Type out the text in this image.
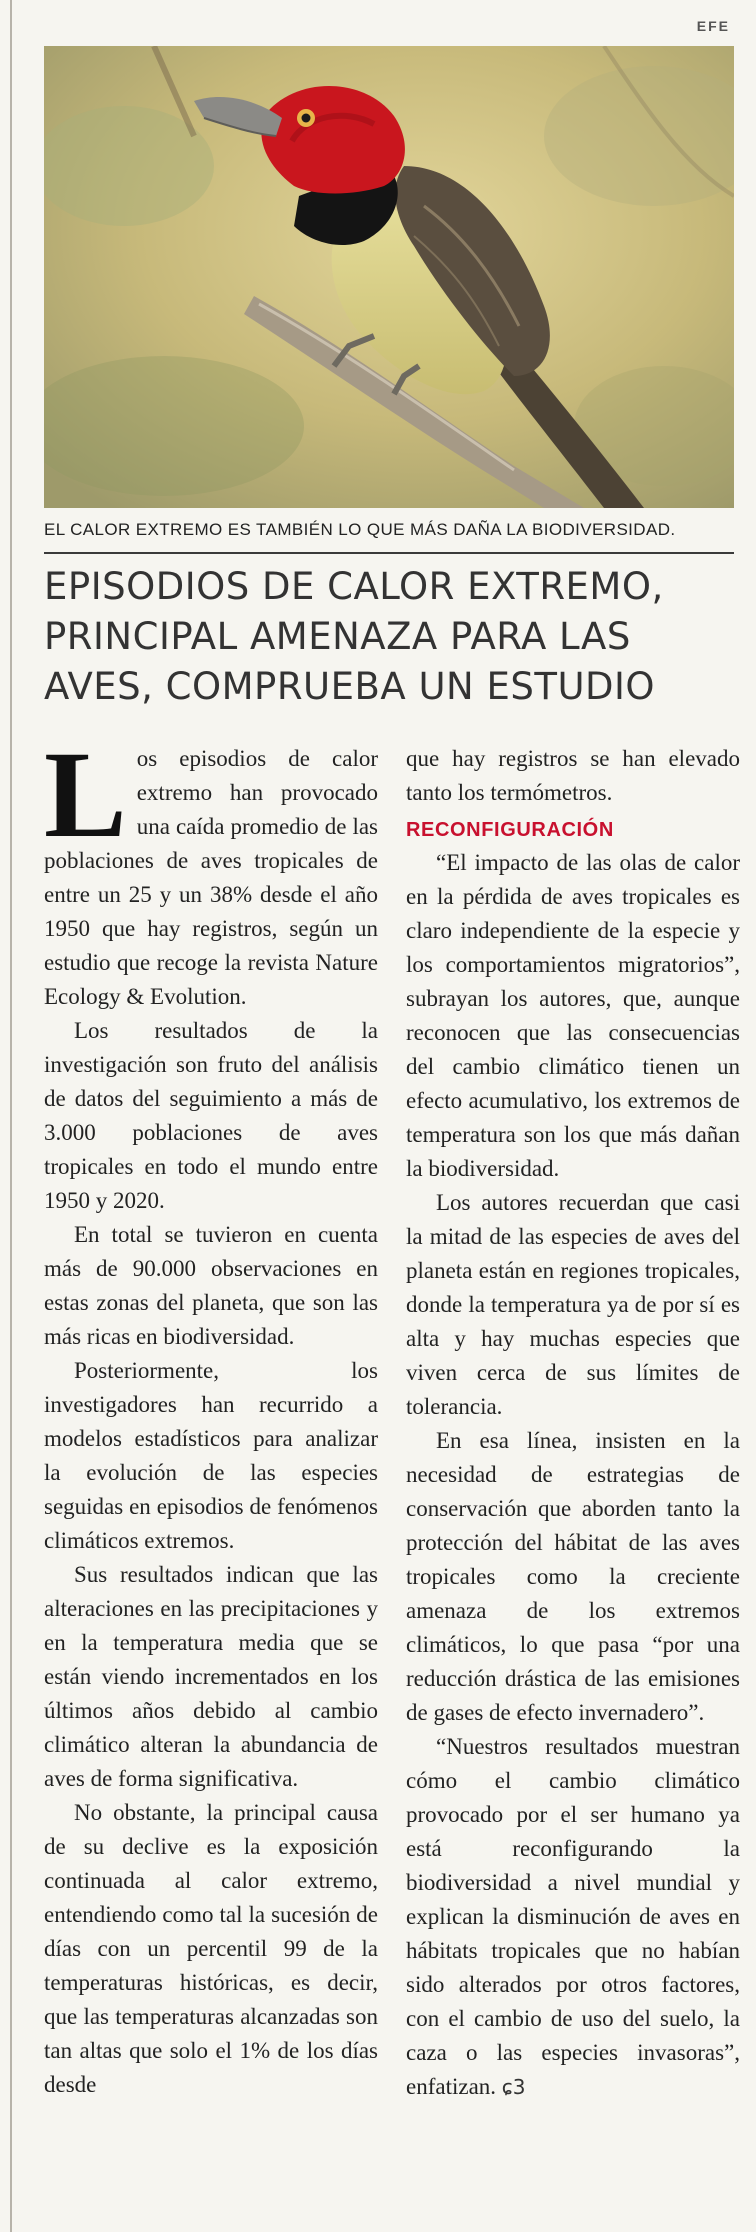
EFE
EL CALOR EXTREMO ES TAMBIÉN LO QUE MÁS DAÑA LA BIODIVERSIDAD.
EPISODIOS DE CALOR EXTREMO, PRINCIPAL AMENAZA PARA LAS AVES, COMPRUEBA UN ESTUDIO

Los episodios de calor extremo han provocado una caída promedio de las poblaciones de aves tropicales de entre un 25 y un 38% desde el año 1950 que hay registros, según un estudio que recoge la revista Nature Ecology & Evolution.

Los resultados de la investigación son fruto del análisis de datos del seguimiento a más de 3.000 poblaciones de aves tropicales en todo el mundo entre 1950 y 2020.

En total se tuvieron en cuenta más de 90.000 observaciones en estas zonas del planeta, que son las más ricas en biodiversidad.

Posteriormente, los investigadores han recurrido a modelos estadísticos para analizar la evolución de las especies seguidas en episodios de fenómenos climáticos extremos.

Sus resultados indican que las alteraciones en las precipitaciones y en la temperatura media que se están viendo incrementados en los últimos años debido al cambio climático alteran la abundancia de aves de forma significativa.

No obstante, la principal causa de su declive es la exposición continuada al calor extremo, entendiendo como tal la sucesión de días con un percentil 99 de la temperaturas históricas, es decir, que las temperaturas alcanzadas son tan altas que solo el 1% de los días desde

que hay registros se han elevado tanto los termómetros.

RECONFIGURACIÓN

“El impacto de las olas de calor en la pérdida de aves tropicales es claro independiente de la especie y los comportamientos migratorios”, subrayan los autores, que, aunque reconocen que las consecuencias del cambio climático tienen un efecto acumulativo, los extremos de temperatura son los que más dañan la biodiversidad.

Los autores recuerdan que casi la mitad de las especies de aves del planeta están en regiones tropicales, donde la temperatura ya de por sí es alta y hay muchas especies que viven cerca de sus límites de tolerancia.

En esa línea, insisten en la necesidad de estrategias de conservación que aborden tanto la protección del hábitat de las aves tropicales como la creciente amenaza de los extremos climáticos, lo que pasa “por una reducción drástica de las emisiones de gases de efecto invernadero”.

“Nuestros resultados muestran cómo el cambio climático provocado por el ser humano ya está reconfigurando la biodiversidad a nivel mundial y explican la disminución de aves en hábitats tropicales que no habían sido alterados por otros factores, con el cambio de uso del suelo, la caza o las especies invasoras”, enfatizan. ɕ3
